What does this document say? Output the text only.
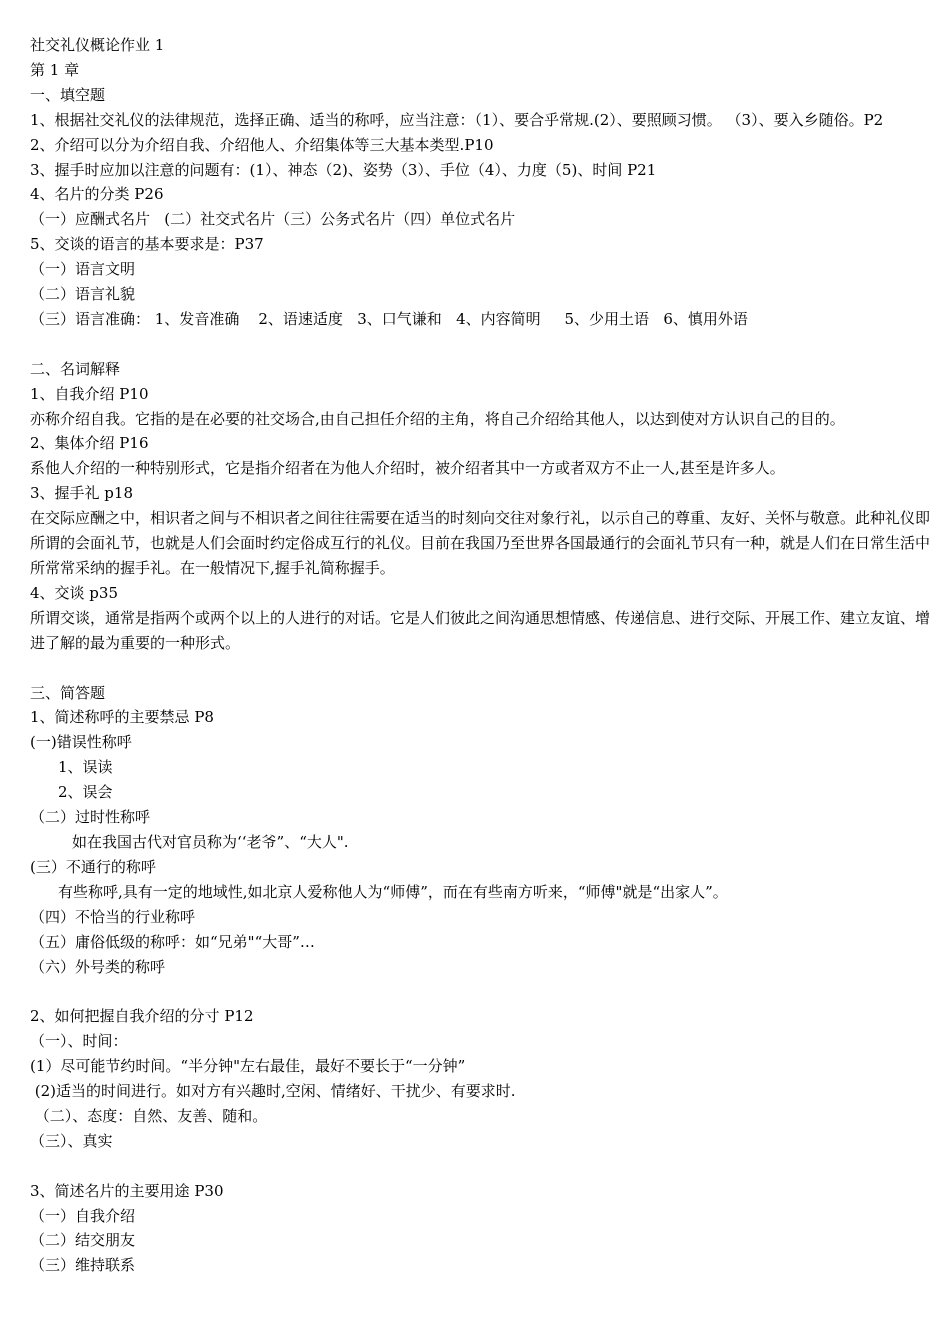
社交礼仪概论作业 1
第 1 章
一、填空题
1、根据社交礼仪的法律规范，选择正确、适当的称呼，应当注意：（1）、要合乎常规.(2）、要照顾习惯。 （3）、要入乡随俗。P2
2、介绍可以分为介绍自我、介绍他人、介绍集体等三大基本类型.P10
3、握手时应加以注意的问题有：(1）、神态（2)、姿势（3）、手位（4）、力度（5)、时间 P21
4、名片的分类 P26
（一）应酬式名片   (二）社交式名片（三）公务式名片（四）单位式名片
5、交谈的语言的基本要求是：P37
（一）语言文明
（二）语言礼貌
（三）语言准确： 1、发音准确    2、语速适度   3、口气谦和   4、内容简明     5、少用土语   6、慎用外语
二、名词解释
1、自我介绍 P10
亦称介绍自我。它指的是在必要的社交场合,由自己担任介绍的主角，将自己介绍给其他人，以达到使对方认识自己的目的。
2、集体介绍 P16
系他人介绍的一种特别形式，它是指介绍者在为他人介绍时，被介绍者其中一方或者双方不止一人,甚至是许多人。
3、握手礼 p18
在交际应酬之中，相识者之间与不相识者之间往往需要在适当的时刻向交往对象行礼，以示自己的尊重、友好、关怀与敬意。此种礼仪即所谓的会面礼节，也就是人们会面时约定俗成互行的礼仪。目前在我国乃至世界各国最通行的会面礼节只有一种，就是人们在日常生活中所常常采纳的握手礼。在一般情况下,握手礼简称握手。
4、交谈 p35
所谓交谈，通常是指两个或两个以上的人进行的对话。它是人们彼此之间沟通思想情感、传递信息、进行交际、开展工作、建立友谊、增进了解的最为重要的一种形式。
三、简答题
1、简述称呼的主要禁忌 P8
(一)错误性称呼
1、误读
2、误会
（二）过时性称呼
如在我国古代对官员称为‘‘老爷”、“大人".
(三）不通行的称呼
有些称呼,具有一定的地域性,如北京人爱称他人为“师傅”，而在有些南方听来，“师傅"就是“出家人”。
（四）不恰当的行业称呼
（五）庸俗低级的称呼：如“兄弟"“大哥”…
（六）外号类的称呼
2、如何把握自我介绍的分寸 P12
（一）、时间：
(1）尽可能节约时间。“半分钟"左右最佳，最好不要长于“一分钟”
(2)适当的时间进行。如对方有兴趣时,空闲、情绪好、干扰少、有要求时.
（二）、态度：自然、友善、随和。
（三）、真实
3、简述名片的主要用途 P30
（一）自我介绍
（二）结交朋友
（三）维持联系
